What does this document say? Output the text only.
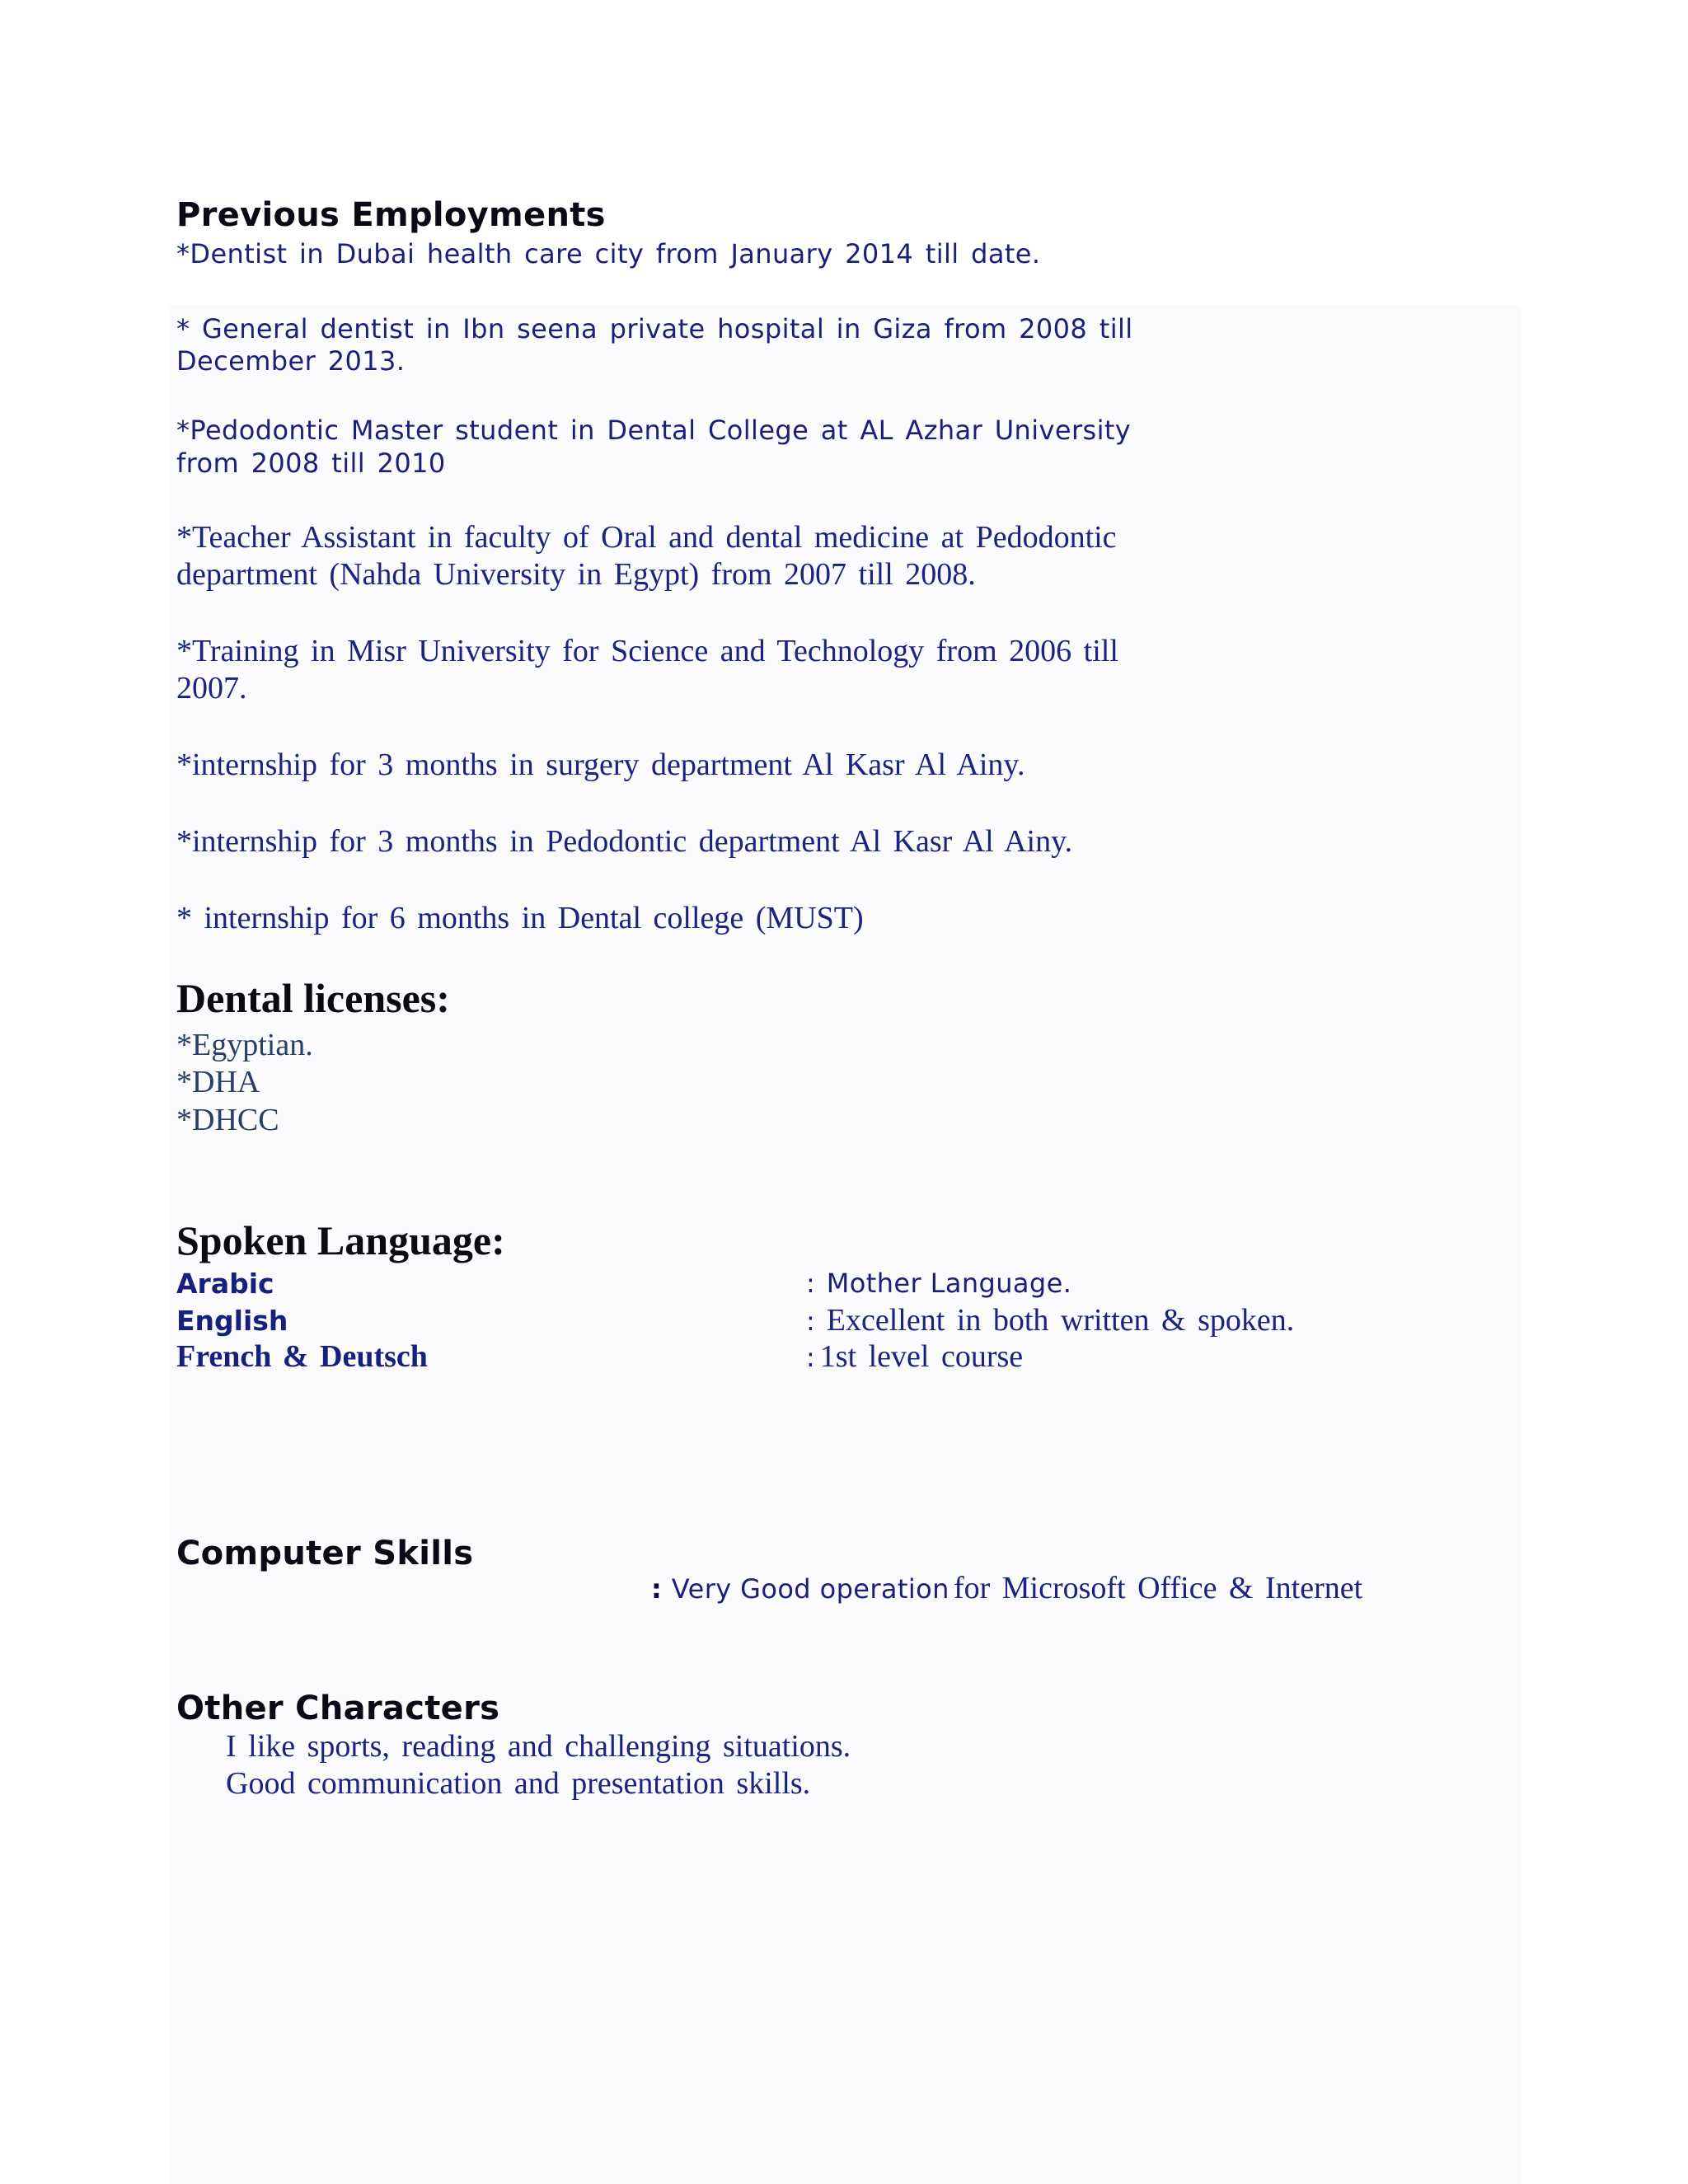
Previous Employments

*Dentist in Dubai health care city from January 2014 till date.

* General dentist in Ibn seena private hospital in Giza from 2008 till

December 2013.

*Pedodontic Master student in Dental College at AL Azhar University

from 2008 till 2010

*Teacher Assistant in faculty of Oral and dental medicine at Pedodontic

department (Nahda University in Egypt) from 2007 till 2008.

*Training in Misr University for Science and Technology from 2006 till

2007.

*internship for 3 months in surgery department Al Kasr Al Ainy.

*internship for 3 months in Pedodontic department Al Kasr Al Ainy.

* internship for 6 months in Dental college (MUST)

Dental licenses:

*Egyptian.

*DHA

*DHCC

Spoken Language:
Arabic	: Mother Language.
English	: Excellent in both written & spoken.
French & Deutsch	: 1st level course
Computer Skills
: Very Good operation for Microsoft Office & Internet
Other Characters

I like sports, reading and challenging situations.

Good communication and presentation skills.
